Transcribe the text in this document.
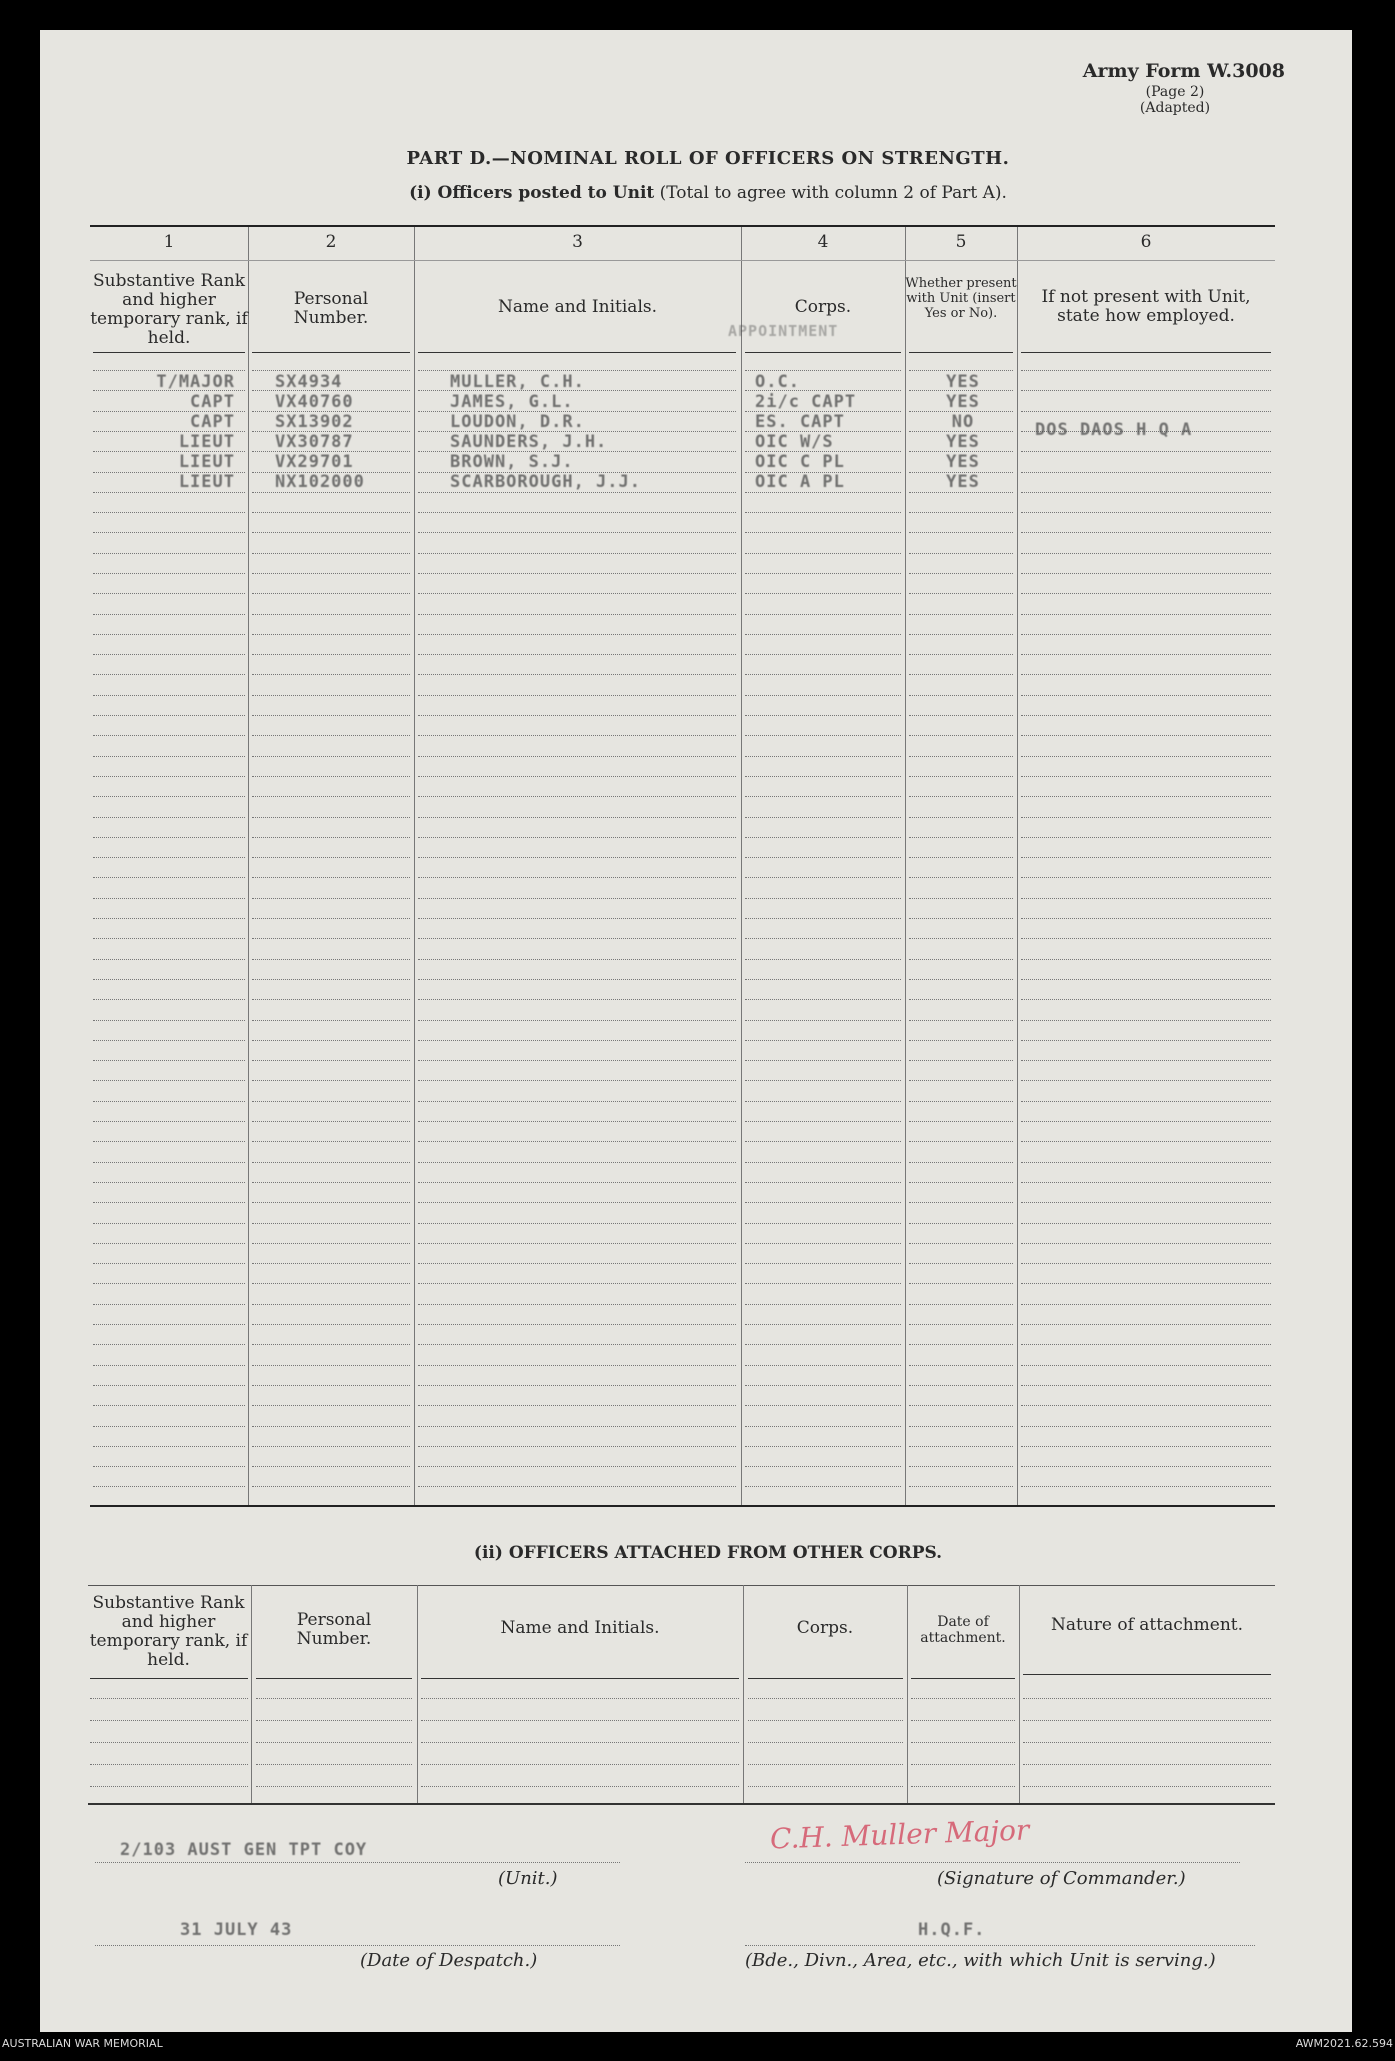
Army Form W.3008
(Page 2)
(Adapted)
PART D.—NOMINAL ROLL OF OFFICERS ON STRENGTH.
(i) Officers posted to Unit (Total to agree with column 2 of Part A).
1	2	3	4	5	6
Substantive Rank and higher temporary rank, if held.
Personal Number.
Name and Initials.	Corps.
APPOINTMENT
Whether present with Unit (insert Yes or No).
If not present with Unit, state how employed.
T/MAJOR SX4934	MULLER, C.H.	O.C.	YES
CAPT VX40760	JAMES, G.L.	2i/c CAPT	YES
CAPT SX13902	LOUDON, D.R.	ES. CAPT	NO	DOS DAOS H Q A
LIEUT VX30787	SAUNDERS, J.H.	OIC W/S	YES
LIEUT VX29701	BROWN, S.J.	OIC C PL	YES
LIEUT NX102000	SCARBOROUGH, J.J.	OIC A PL	YES
(ii) OFFICERS ATTACHED FROM OTHER CORPS.
Substantive Rank and higher temporary rank, if held.
Personal Number.
Name and Initials.	Corps.	Date of attachment.
Nature of attachment.
2/103 AUST GEN TPT COY
(Unit.)
C.H. Muller Major
(Signature of Commander.)
31 JULY 43
(Date of Despatch.)
H.Q.F.
(Bde., Divn., Area, etc., with which Unit is serving.)
AUSTRALIAN WAR MEMORIAL	AWM2021.62.594
